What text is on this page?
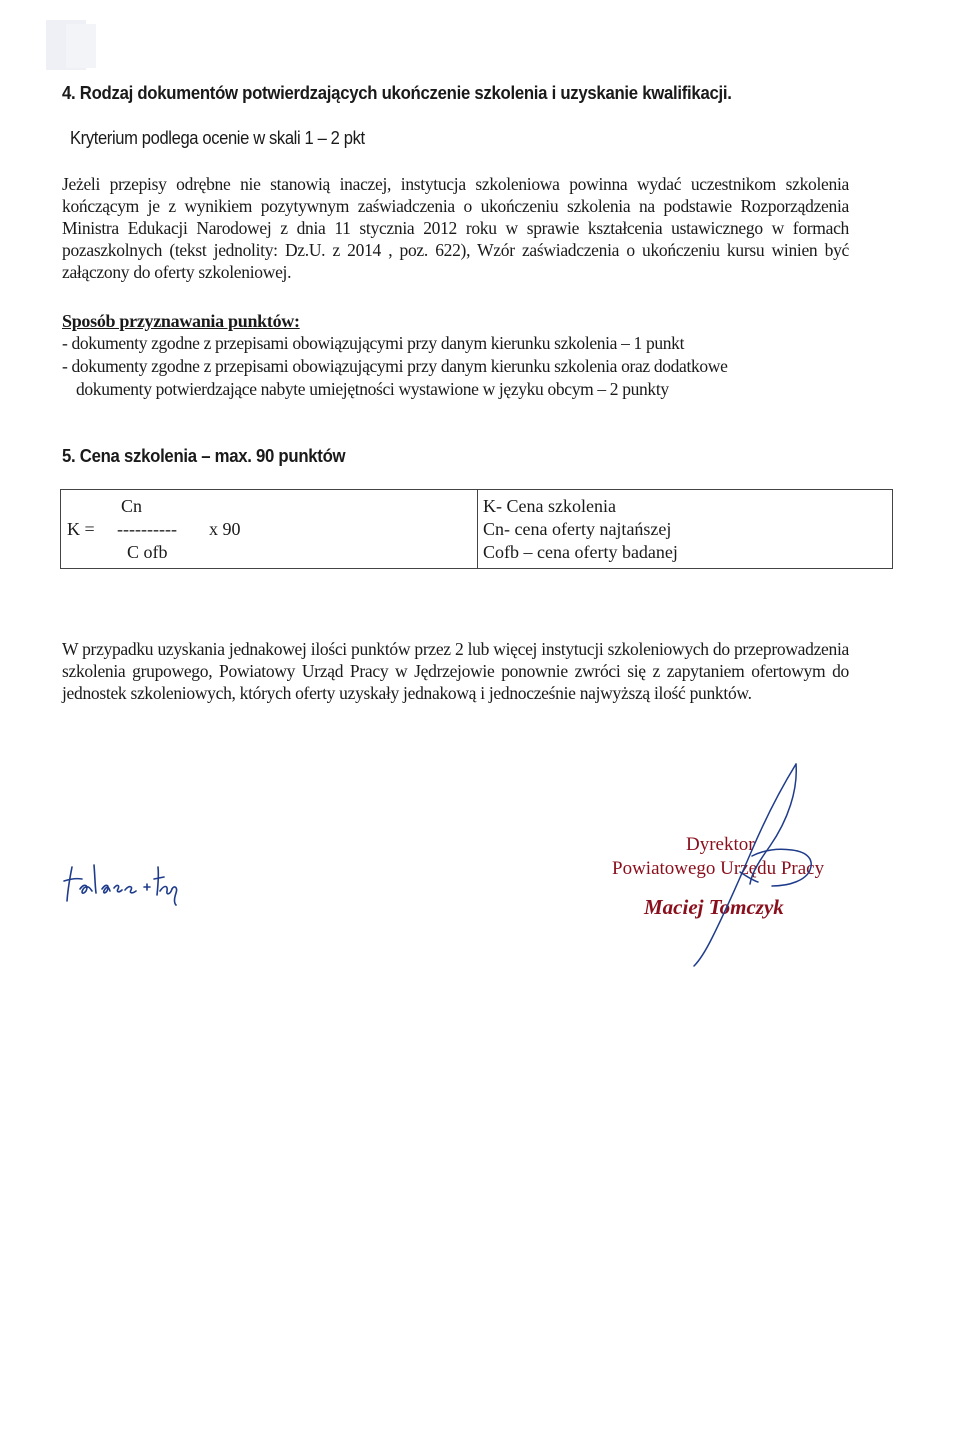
4. Rodzaj dokumentów potwierdzających ukończenie szkolenia i uzyskanie kwalifikacji.

Kryterium podlega ocenie w skali 1 – 2 pkt

Jeżeli przepisy odrębne nie stanowią inaczej, instytucja szkoleniowa powinna wydać uczestnikom szkolenia kończącym je z wynikiem pozytywnym zaświadczenia o ukończeniu szkolenia na podstawie Rozporządzenia Ministra Edukacji Narodowej z dnia 11 stycznia 2012 roku w sprawie kształcenia ustawicznego w formach pozaszkolnych (tekst jednolity: Dz.U. z 2014 , poz. 622), Wzór zaświadczenia o ukończeniu kursu winien być załączony do oferty szkoleniowej.

Sposób przyznawania punktów:

- dokumenty zgodne z przepisami obowiązującymi przy danym kierunku szkolenia – 1 punkt

- dokumenty zgodne z przepisami obowiązującymi przy danym kierunku szkolenia oraz dodatkowe

dokumenty potwierdzające nabyte umiejętności wystawione w języku obcym – 2 punkty

5. Cena szkolenia – max. 90 punktów

Cn
K = ---------- x 90
C ofb
K- Cena szkolenia
Cn- cena oferty najtańszej
Cofb – cena oferty badanej

W przypadku uzyskania jednakowej ilości punktów przez 2 lub więcej instytucji szkoleniowych do przeprowadzenia szkolenia grupowego, Powiatowy Urząd Pracy w Jędrzejowie ponownie zwróci się z zapytaniem ofertowym do jednostek szkoleniowych, których oferty uzyskały jednakową i jednocześnie najwyższą ilość punktów.

Dyrektor
Powiatowego Urzędu Pracy
Maciej Tomczyk
